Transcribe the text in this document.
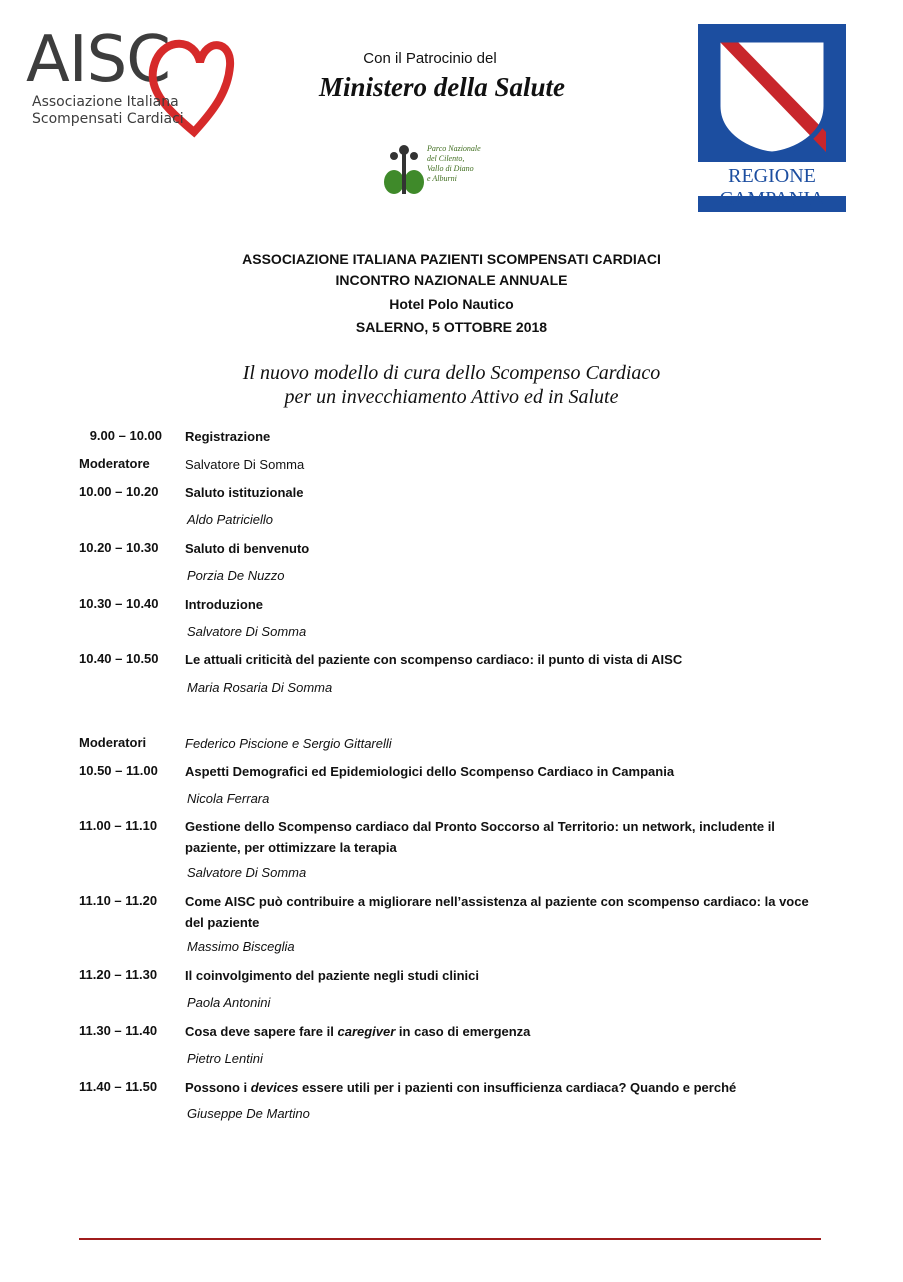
AISC
Associazione Italiana
Scompensati Cardiaci
Con il Patrocinio del
Ministero della Salute
Parco Nazionale
del Cilento,
Vallo di Diano
e Alburni	REGIONE CAMPANIA
ASSOCIAZIONE ITALIANA PAZIENTI SCOMPENSATI CARDIACI
INCONTRO NAZIONALE ANNUALE
Hotel Polo Nautico
SALERNO, 5 OTTOBRE 2018
Il nuovo modello di cura dello Scompenso Cardiaco
per un invecchiamento Attivo ed in Salute
9.00 – 10.00 Registrazione
Moderatore	Salvatore Di Somma
10.00 – 10.20	Saluto istituzionale
Aldo Patriciello
10.20 – 10.30	Saluto di benvenuto
Porzia De Nuzzo
10.30 – 10.40	Introduzione
Salvatore Di Somma
10.40 – 10.50	Le attuali criticità del paziente con scompenso cardiaco: il punto di vista di AISC
Maria Rosaria Di Somma
Moderatori	Federico Piscione e Sergio Gittarelli
10.50 – 11.00	Aspetti Demografici ed Epidemiologici dello Scompenso Cardiaco in Campania
Nicola Ferrara
11.00 – 11.10	Gestione dello Scompenso cardiaco dal Pronto Soccorso al Territorio: un network, includente il
paziente, per ottimizzare la terapia
Salvatore Di Somma
11.10 – 11.20	Come AISC può contribuire a migliorare nell’assistenza al paziente con scompenso cardiaco: la voce
del paziente
Massimo Bisceglia
11.20 – 11.30	Il coinvolgimento del paziente negli studi clinici
Paola Antonini
11.30 – 11.40	Cosa deve sapere fare il caregiver in caso di emergenza
Pietro Lentini
11.40 – 11.50	Possono i devices essere utili per i pazienti con insufficienza cardiaca? Quando e perché
Giuseppe De Martino
